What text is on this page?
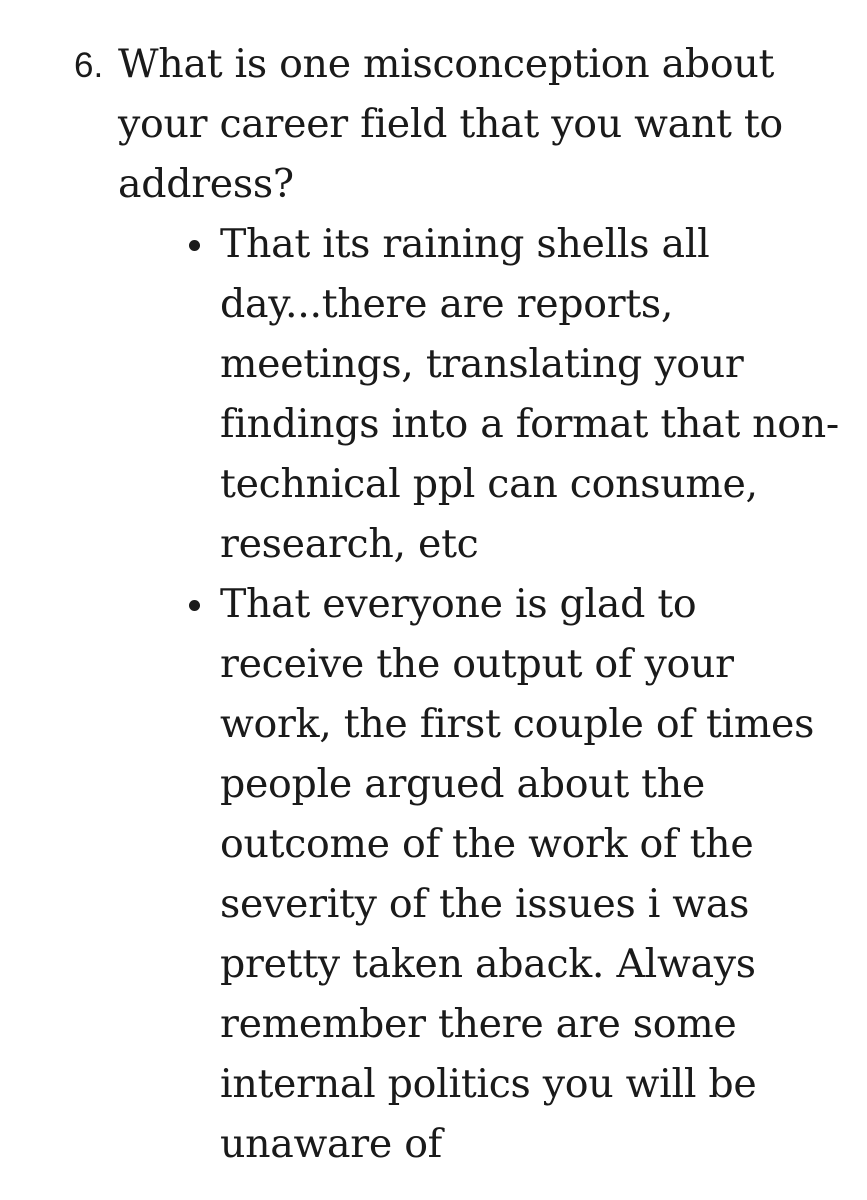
6. What is one misconception about your career field that you want to address?

That its raining shells all day...there are reports, meetings, translating your findings into a format that non-technical ppl can consume, research, etc
That everyone is glad to receive the output of your work, the first couple of times people argued about the outcome of the work of the severity of the issues i was pretty taken aback. Always remember there are some internal politics you will be unaware of
